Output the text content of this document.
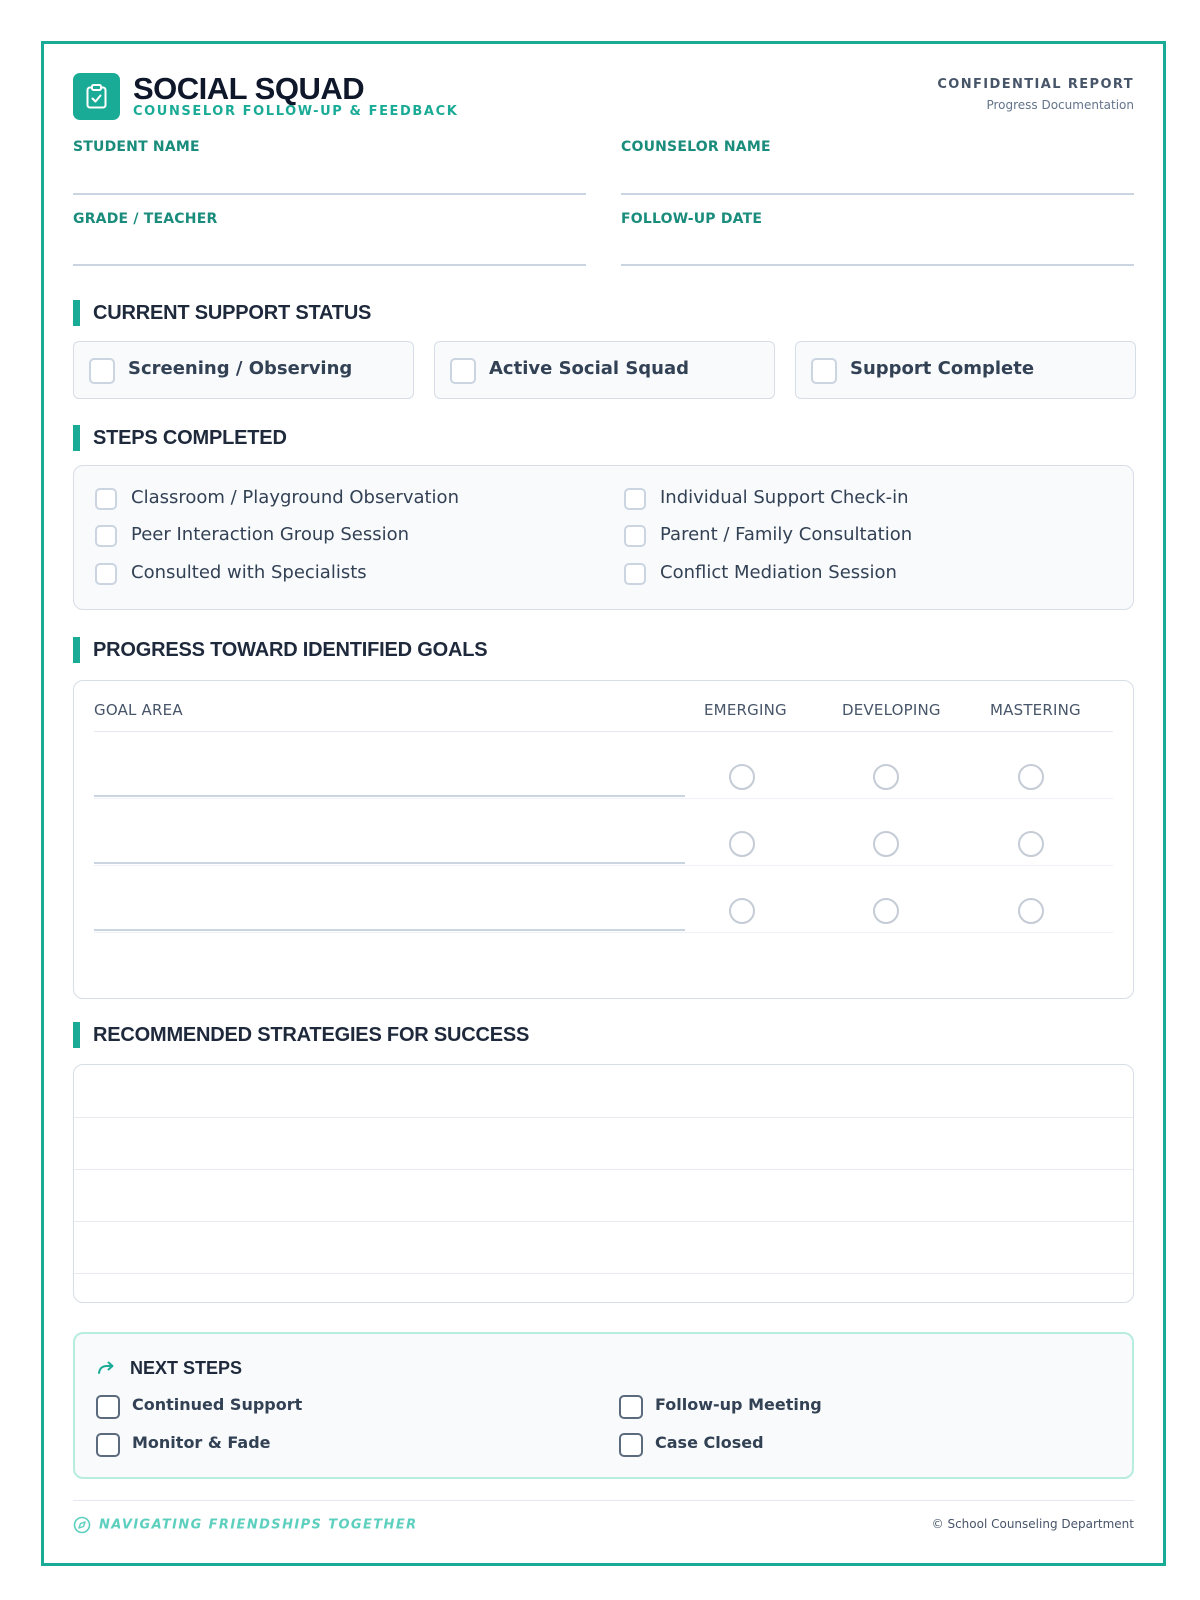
SOCIAL SQUAD
COUNSELOR FOLLOW-UP & FEEDBACK
CONFIDENTIAL REPORT
Progress Documentation
STUDENT NAME	COUNSELOR NAME
GRADE / TEACHER	FOLLOW-UP DATE
CURRENT SUPPORT STATUS
Screening / Observing	Active Social Squad	Support Complete
STEPS COMPLETED
Classroom / Playground Observation
Peer Interaction Group Session
Consulted with Specialists
Individual Support Check-in
Parent / Family Consultation
Conflict Mediation Session
PROGRESS TOWARD IDENTIFIED GOALS
GOAL AREA	EMERGING	DEVELOPING	MASTERING
RECOMMENDED STRATEGIES FOR SUCCESS
NEXT STEPS
Continued Support
Monitor & Fade
Follow-up Meeting
Case Closed
NAVIGATING FRIENDSHIPS TOGETHER	© School Counseling Department
